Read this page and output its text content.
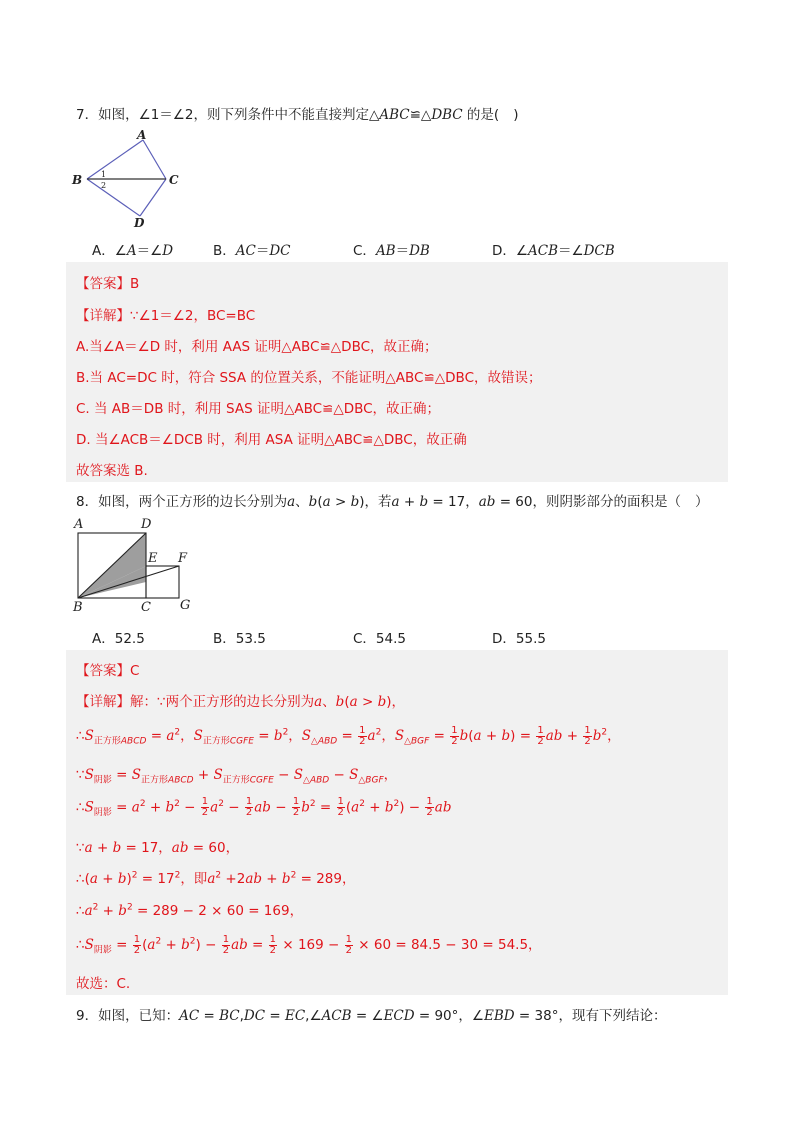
7．如图，∠1＝∠2，则下列条件中不能直接判定△ABC≌△DBC 的是( )
A
B	C
D
1
2
A．∠A＝∠D	B．AC＝DC	C．AB＝DB	D．∠ACB＝∠DCB
【答案】B
【详解】∵∠1＝∠2，BC=BC
A.当∠A＝∠D 时，利用 AAS 证明△ABC≌△DBC，故正确；
B.当 AC=DC 时，符合 SSA 的位置关系，不能证明△ABC≌△DBC，故错误；
C. 当 AB＝DB 时，利用 SAS 证明△ABC≌△DBC，故正确；
D. 当∠ACB＝∠DCB 时，利用 ASA 证明△ABC≌△DBC，故正确
故答案选 B.
8．如图，两个正方形的边长分别为a、b(a > b)，若a + b = 17，ab = 60，则阴影部分的面积是（ ）
A	D
E F
B	C G
A．52.5	B．53.5	C．54.5	D．55.5
【答案】C
【详解】解：∵两个正方形的边长分别为a、b(a > b)，
$\therefore S_{正方形ABCD} = a^2$，$S_{正方形CGFE} = b^2$，$S_{\triangle ABD} = \frac{1}{2} a^2$，$S_{\triangle BGF} = \frac{1}{2} b(a + b) = \frac{1}{2}$ ab + $\frac{1}{2} b^2$，
$\because S_{阴影} = S_{正方形ABCD} + S_{正方形CGFE} - S_{\triangle ABD} - S_{\triangle BGF}$，
$\therefore S_{阴影} = a^2 + b^2 - \frac{1}{2} a^2 - \frac{1}{2}$ ab − $\frac{1}{2} b^2 = \frac{1}{2} (a^2 + b^2) - \frac{1}{2}$ ab
∵a + b = 17，ab = 60，
∴(a + $b)^2 = 17^2$，即$a^2 +2ab + b^2 = 289$，
$\therefore a^2 + b^2 = 289 - 2 \times 60 = 169$，
$\therefore S_{阴影} = \frac{1}{2} (a^2 + b^2) - \frac{1}{2}$ ab = $\frac{1}{2} \times 169 - \frac{1}{2} \times 60 = 84.5 - 30 = 54.5$，
故选：C.
9．如图，已知：AC = BC,DC = EC,∠ACB = ∠ECD = 90°，∠EBD = 38°，现有下列结论：
